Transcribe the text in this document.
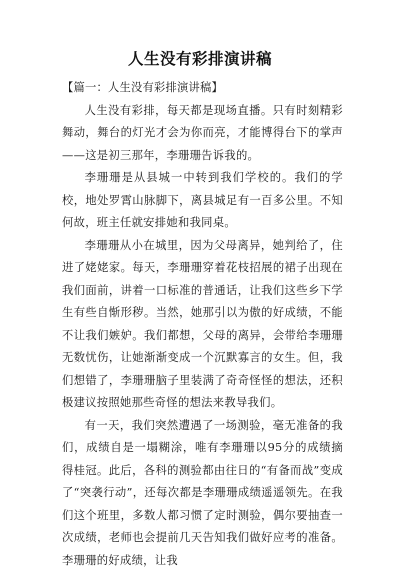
人生没有彩排演讲稿

【篇一：人生没有彩排演讲稿】

人生没有彩排，每天都是现场直播。只有时刻精彩舞动，舞台的灯光才会为你而亮，才能博得台下的掌声——这是初三那年，李珊珊告诉我的。

李珊珊是从县城一中转到我们学校的。我们的学校，地处罗霄山脉脚下，离县城足有一百多公里。不知何故，班主任就安排她和我同桌。

李珊珊从小在城里，因为父母离异，她判给了，住进了姥姥家。每天，李珊珊穿着花枝招展的裙子出现在我们面前，讲着一口标准的普通话，让我们这些乡下学生有些自惭形秽。当然，她那引以为傲的好成绩，不能不让我们嫉妒。我们都想，父母的离异，会带给李珊珊无数忧伤，让她渐渐变成一个沉默寡言的女生。但，我们想错了，李珊珊脑子里装满了奇奇怪怪的想法，还积极建议按照她那些奇怪的想法来教导我们。

有一天，我们突然遭遇了一场测验，毫无准备的我们，成绩自是一塌糊涂，唯有李珊珊以95分的成绩摘得桂冠。此后，各科的测验都由往日的“有备而战”变成了“突袭行动”，还每次都是李珊珊成绩遥遥领先。在我们这个班里，多数人都习惯了定时测验，偶尔要抽查一次成绩，老师也会提前几天告知我们做好应考的准备。李珊珊的好成绩，让我
